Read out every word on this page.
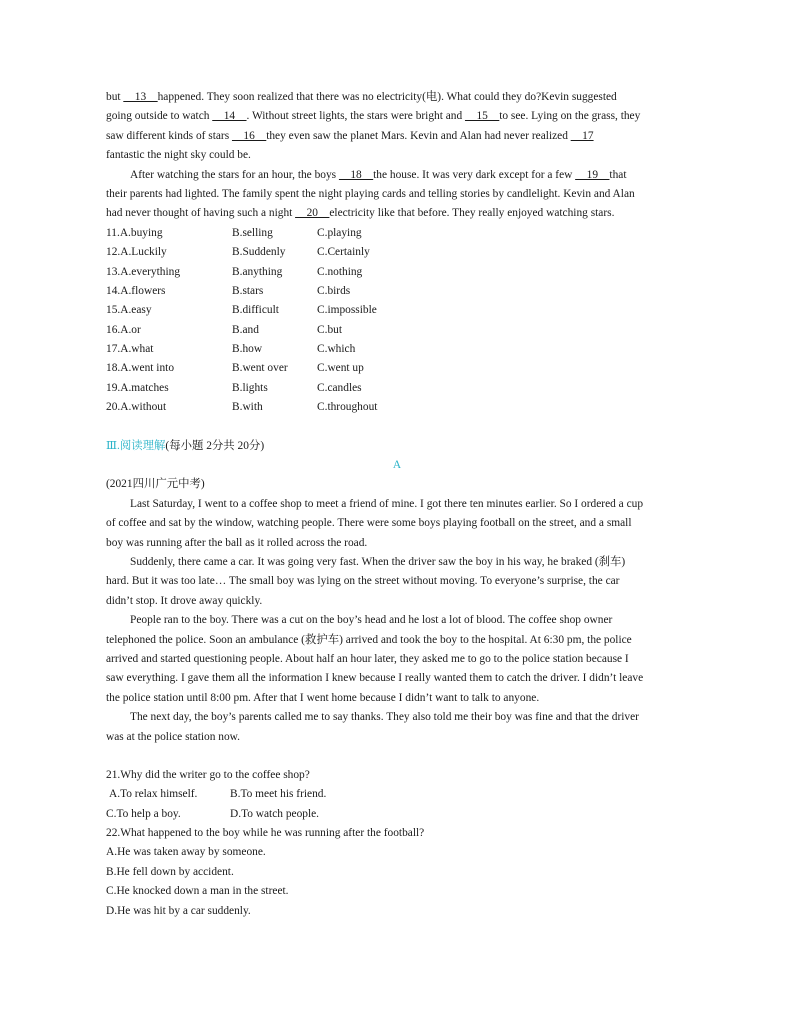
but __13__happened. They soon realized that there was no electricity(电). What could they do?Kevin suggested
going outside to watch __14__. Without street lights, the stars were bright and __15__to see. Lying on the grass, they
saw different kinds of stars __16__they even saw the planet Mars. Kevin and Alan had never realized __17
fantastic the night sky could be.
After watching the stars for an hour, the boys __18__the house. It was very dark except for a few __19__that
their parents had lighted. The family spent the night playing cards and telling stories by candlelight. Kevin and Alan
had never thought of having such a night __20__electricity like that before. They really enjoyed watching stars.
11.A.buying	B.selling	C.playing
12.A.Luckily	B.Suddenly	C.Certainly
13.A.everything	B.anything	C.nothing
14.A.flowers	B.stars	C.birds
15.A.easy	B.difficult	C.impossible
16.A.or	B.and	C.but
17.A.what	B.how	C.which
18.A.went into	B.went over	C.went up
19.A.matches	B.lights	C.candles
20.A.without	B.with	C.throughout
Ⅲ.阅读理解(每小题 2分共 20分)
A
(2021四川广元中考)
Last Saturday, I went to a coffee shop to meet a friend of mine. I got there ten minutes earlier. So I ordered a cup
of coffee and sat by the window, watching people. There were some boys playing football on the street, and a small
boy was running after the ball as it rolled across the road.
Suddenly, there came a car. It was going very fast. When the driver saw the boy in his way, he braked (刹车)
hard. But it was too late… The small boy was lying on the street without moving. To everyone’s surprise, the car
didn’t stop. It drove away quickly.
People ran to the boy. There was a cut on the boy’s head and he lost a lot of blood. The coffee shop owner
telephoned the police. Soon an ambulance (救护车) arrived and took the boy to the hospital. At 6:30 pm, the police
arrived and started questioning people. About half an hour later, they asked me to go to the police station because I
saw everything. I gave them all the information I knew because I really wanted them to catch the driver. I didn’t leave
the police station until 8:00 pm. After that I went home because I didn’t want to talk to anyone.
The next day, the boy’s parents called me to say thanks. They also told me their boy was fine and that the driver
was at the police station now.
21.Why did the writer go to the coffee shop?
A.To relax himself.	B.To meet his friend.
C.To help a boy.	D.To watch people.
22.What happened to the boy while he was running after the football?
A.He was taken away by someone.
B.He fell down by accident.
C.He knocked down a man in the street.
D.He was hit by a car suddenly.
